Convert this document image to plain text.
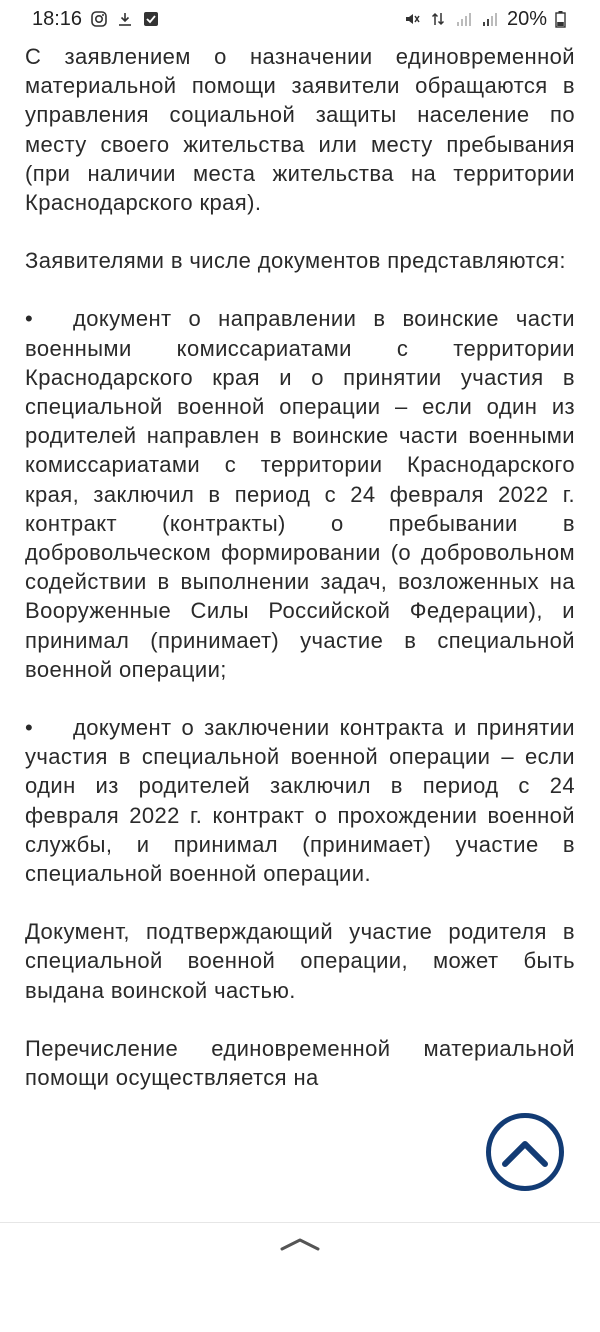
18:16	20%

С заявлением о назначении единовременной материальной помощи заявители обращаются в управления социальной защиты население по месту своего жительства или месту пребывания (при наличии места жительства на территории Краснодарского края).

Заявителями в числе документов представляются:

• документ о направлении в воинские части военными комиссариатами с территории Краснодарского края и о принятии участия в специальной военной операции – если один из родителей направлен в воинские части военными комиссариатами с территории Краснодарского края, заключил в период с 24 февраля 2022 г. контракт (контракты) о пребывании в добровольческом формировании (о добровольном содействии в выполнении задач, возложенных на Вооруженные Силы Российской Федерации), и принимал (принимает) участие в специальной военной операции;

• документ о заключении контракта и принятии участия в специальной военной операции – если один из родителей заключил в период с 24 февраля 2022 г. контракт о прохождении военной службы, и принимал (принимает) участие в специальной военной операции.

Документ, подтверждающий участие родителя в специальной военной операции, может быть выдана воинской частью.

Перечисление единовременной материальной помощи осуществляется на
